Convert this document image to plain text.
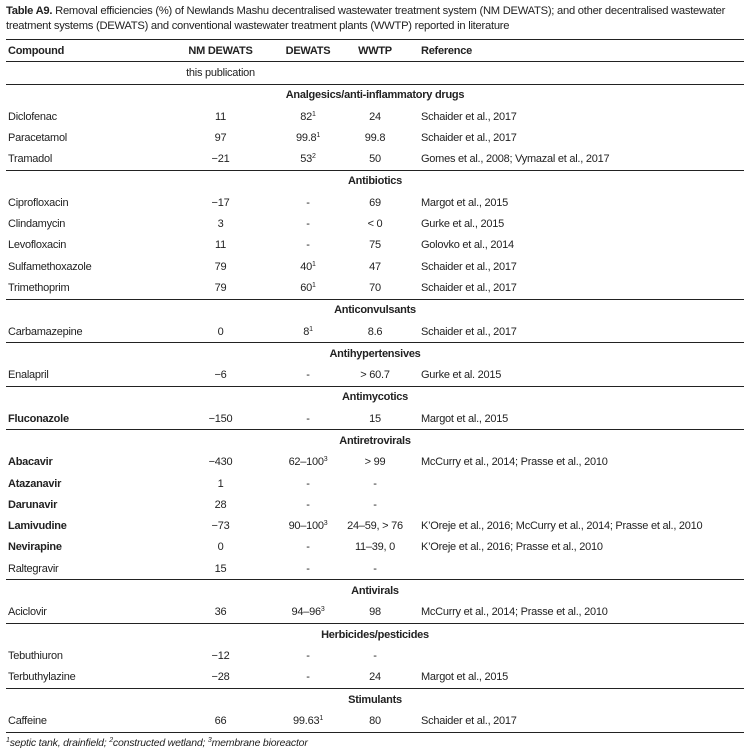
Table A9. Removal efficiencies (%) of Newlands Mashu decentralised wastewater treatment system (NM DEWATS); and other decentralised wastewater treatment systems (DEWATS) and conventional wastewater treatment plants (WWTP) reported in literature

Compound	NM DEWATS	DEWATS	WWTP	Reference
	this publication			
Analgesics/anti-inflammatory drugs				
Diclofenac	11	$82^1$	24	Schaider et al., 2017
Paracetamol	97	99.8$^1$	99.8	Schaider et al., 2017
Tramadol	−21	$53^2$	50	Gomes et al., 2008; Vymazal et al., 2017
Antibiotics				
Ciprofloxacin	−17	-	69	Margot et al., 2015
Clindamycin	3	-	< 0	Gurke et al., 2015
Levofloxacin	11	-	75	Golovko et al., 2014
Sulfamethoxazole	79	$40^1$	47	Schaider et al., 2017
Trimethoprim	79	$60^1$	70	Schaider et al., 2017
Anticonvulsants				
Carbamazepine	0	$8^1$	8.6	Schaider et al., 2017
Antihypertensives				
Enalapril	−6	-	> 60.7	Gurke et al. 2015
Antimycotics				
Fluconazole	−150	-	15	Margot et al., 2015
Antiretrovirals				
Abacavir	−430	$62-100^3$	> 99	McCurry et al., 2014; Prasse et al., 2010
Atazanavir	1	-	-	
Darunavir	28	-	-	
Lamivudine	−73	$90-100^3$	24–59, > 76	K’Oreje et al., 2016; McCurry et al., 2014; Prasse et al., 2010
Nevirapine	0	-	11–39, 0	K’Oreje et al., 2016; Prasse et al., 2010
Raltegravir	15	-	-	
Antivirals				
Aciclovir	36	$94-96^3$	98	McCurry et al., 2014; Prasse et al., 2010
Herbicides/pesticides				
Tebuthiuron	−12	-	-	
Terbuthylazine	−28	-	24	Margot et al., 2015
Stimulants				
Caffeine	66	99.63$^1$	80	Schaider et al., 2017
$^1$septic tank, drainfield; $^2$constructed wetland; $^3$membrane bioreactor
